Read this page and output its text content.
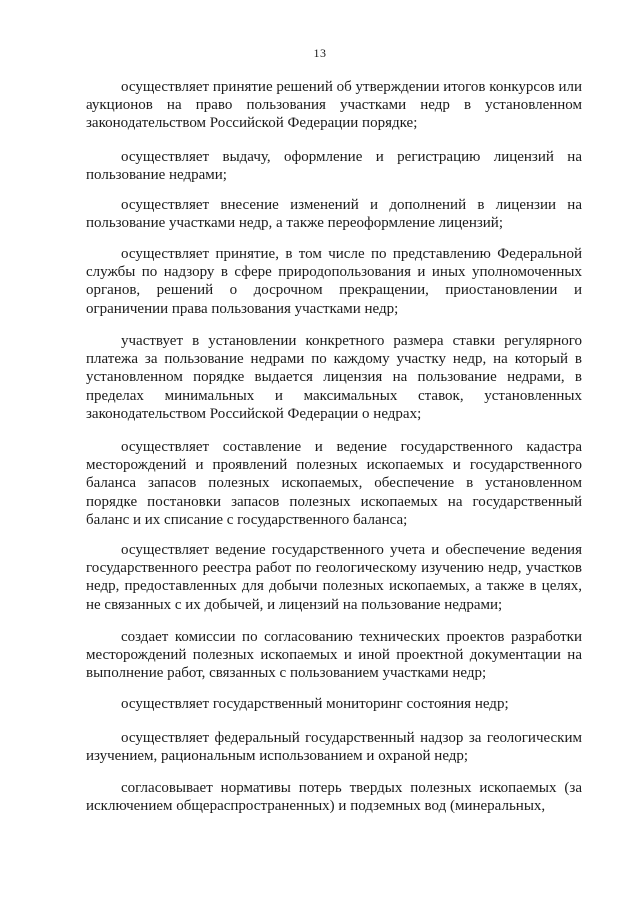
13

осуществляет принятие решений об утверждении итогов конкурсов или аукционов на право пользования участками недр в установленном законодательством Российской Федерации порядке;

осуществляет выдачу, оформление и регистрацию лицензий на пользование недрами;

осуществляет внесение изменений и дополнений в лицензии на пользование участками недр, а также переоформление лицензий;

осуществляет принятие, в том числе по представлению Федеральной службы по надзору в сфере природопользования и иных уполномоченных органов, решений о досрочном прекращении, приостановлении и ограничении права пользования участками недр;

участвует в установлении конкретного размера ставки регулярного платежа за пользование недрами по каждому участку недр, на который в установленном порядке выдается лицензия на пользование недрами, в пределах минимальных и максимальных ставок, установленных законодательством Российской Федерации о недрах;

осуществляет составление и ведение государственного кадастра месторождений и проявлений полезных ископаемых и государственного баланса запасов полезных ископаемых, обеспечение в установленном порядке постановки запасов полезных ископаемых на государственный баланс и их списание с государственного баланса;

осуществляет ведение государственного учета и обеспечение ведения государственного реестра работ по геологическому изучению недр, участков недр, предоставленных для добычи полезных ископаемых, а также в целях, не связанных с их добычей, и лицензий на пользование недрами;

создает комиссии по согласованию технических проектов разработки месторождений полезных ископаемых и иной проектной документации на выполнение работ, связанных с пользованием участками недр;

осуществляет государственный мониторинг состояния недр;

осуществляет федеральный государственный надзор за геологическим изучением, рациональным использованием и охраной недр;

согласовывает нормативы потерь твердых полезных ископаемых (за исключением общераспространенных) и подземных вод (минеральных,
